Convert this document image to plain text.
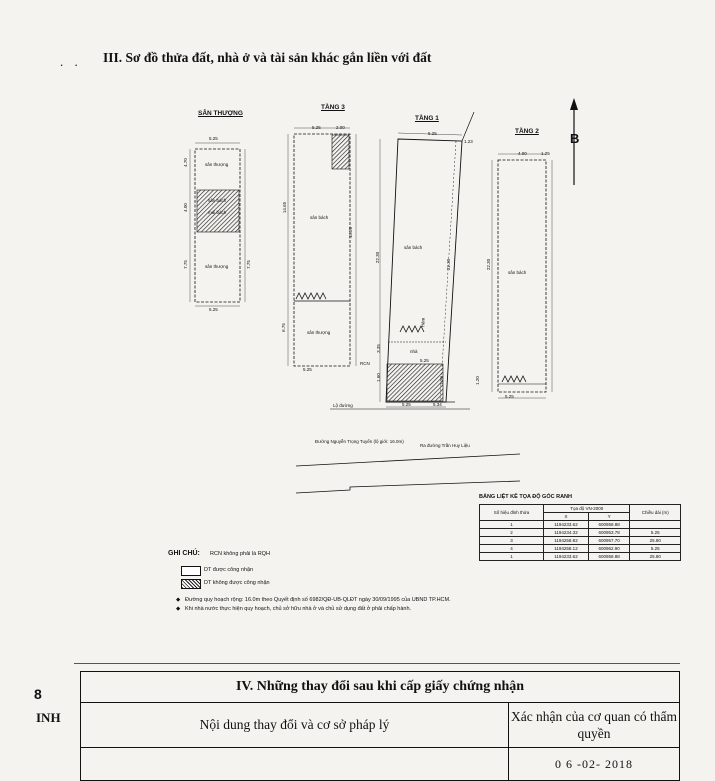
. . III. Sơ đồ thửa đất, nhà ở và tài sản khác gắn liền với đất
SÂN THƯỢNG
TẦNG 3
TẦNG 1
TẦNG 2 B
5.25
5.25
5.25	2.00
5.25
5.25
1.23
5.25
5.25	5.34
4.00	1.25
5.25
4.70
4.00
7.75	7.75
14.65
13.20
6.75
22.30
22.30	22.30
3.35
1.60	1.20	1.20
sân thượng
sân bách
mái bách
sân thượng
sân bách
sân thượng
sân bách
nhà
Hẻm
sân bách
RCN
Lộ đường
Đường Nguyễn Trọng Tuyển (lộ giới: 16.0m)
Ra đường Trần Huy Liệu
GHI CHÚ: RCN không phải là RQH
DT được công nhận
DT không được công nhận
◆ Đường quy hoạch rộng: 16.0m theo Quyết định số 6982/QĐ-UB-QLĐT ngày 30/09/1995 của UBND TP.HCM.
◆ Khi nhà nước thực hiện quy hoạch, chủ sở hữu nhà ở và chủ sử dụng đất ở phải chấp hành.
BẢNG LIỆT KÊ TỌA ĐỘ GÓC RANH
Số hiệu đỉnh thửa	Tọa độ VN-2000		Chiều dài (m)
	X	Y	
1	1194233.62	600958.88	
2	1194234.32	600953.78	5.25
3	1194258.82	600957.70	25.80
4	1194258.12	600962.90	5.25
1	1194233.62	600958.88	25.80
IV. Những thay đổi sau khi cấp giấy chứng nhận	
Nội dung thay đổi và cơ sở pháp lý	Xác nhận của cơ quan có thẩm quyền
	0 6 -02- 2018
8
INH
